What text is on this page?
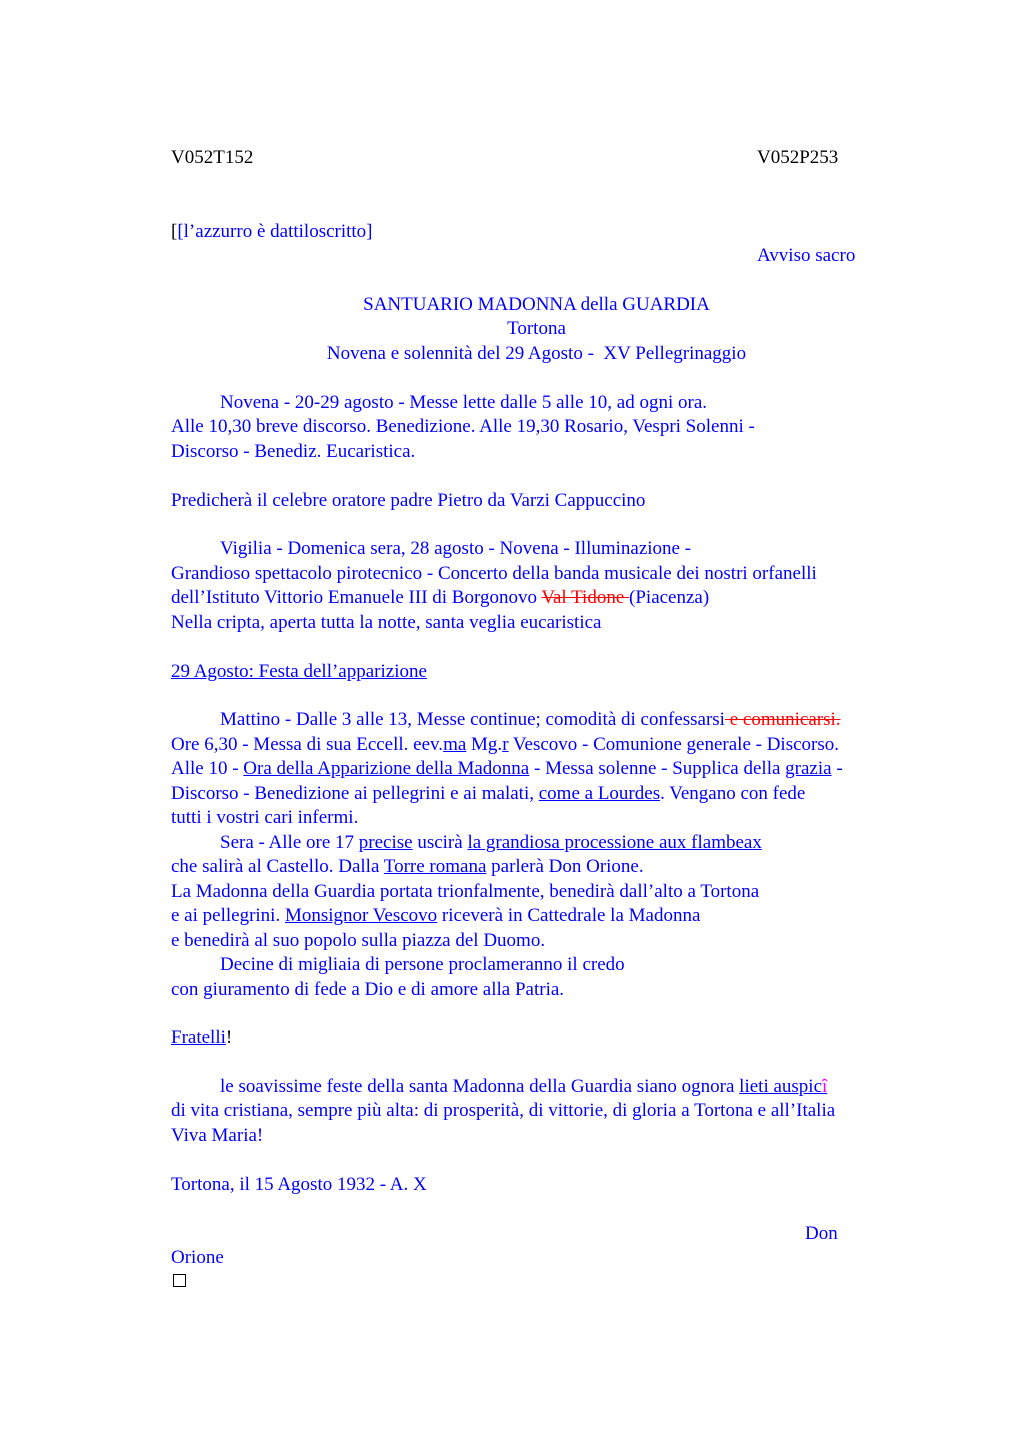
V052T152	V052P253
[[l’azzurro è dattiloscritto]
Avviso sacro
SANTUARIO MADONNA della GUARDIA
Tortona
Novena e solennità del 29 Agosto -  XV Pellegrinaggio
Novena - 20-29 agosto - Messe lette dalle 5 alle 10, ad ogni ora.
Alle 10,30 breve discorso. Benedizione. Alle 19,30 Rosario, Vespri Solenni -
Discorso - Benediz. Eucaristica.
Predicherà il celebre oratore padre Pietro da Varzi Cappuccino
Vigilia - Domenica sera, 28 agosto - Novena - Illuminazione -
Grandioso spettacolo pirotecnico - Concerto della banda musicale dei nostri orfanelli
dell’Istituto Vittorio Emanuele III di Borgonovo Val Tidone (Piacenza)
Nella cripta, aperta tutta la notte, santa veglia eucaristica
29 Agosto: Festa dell’apparizione
Mattino - Dalle 3 alle 13, Messe continue; comodità di confessarsi e comunicarsi.
Ore 6,30 - Messa di sua Eccell. eev.ma Mg.r Vescovo - Comunione generale - Discorso.
Alle 10 - Ora della Apparizione della Madonna - Messa solenne - Supplica della grazia -
Discorso - Benedizione ai pellegrini e ai malati, come a Lourdes. Vengano con fede
tutti i vostri cari infermi.
Sera - Alle ore 17 precise uscirà la grandiosa processione aux flambeax
che salirà al Castello. Dalla Torre romana parlerà Don Orione.
La Madonna della Guardia portata trionfalmente, benedirà dall’alto a Tortona
e ai pellegrini. Monsignor Vescovo riceverà in Cattedrale la Madonna
e benedirà al suo popolo sulla piazza del Duomo.
Decine di migliaia di persone proclameranno il credo
con giuramento di fede a Dio e di amore alla Patria.
Fratelli!
le soavissime feste della santa Madonna della Guardia siano ognora lieti auspicî
di vita cristiana, sempre più alta: di prosperità, di vittorie, di gloria a Tortona e all’Italia
Viva Maria!
Tortona, il 15 Agosto 1932 - A. X
Don
Orione
